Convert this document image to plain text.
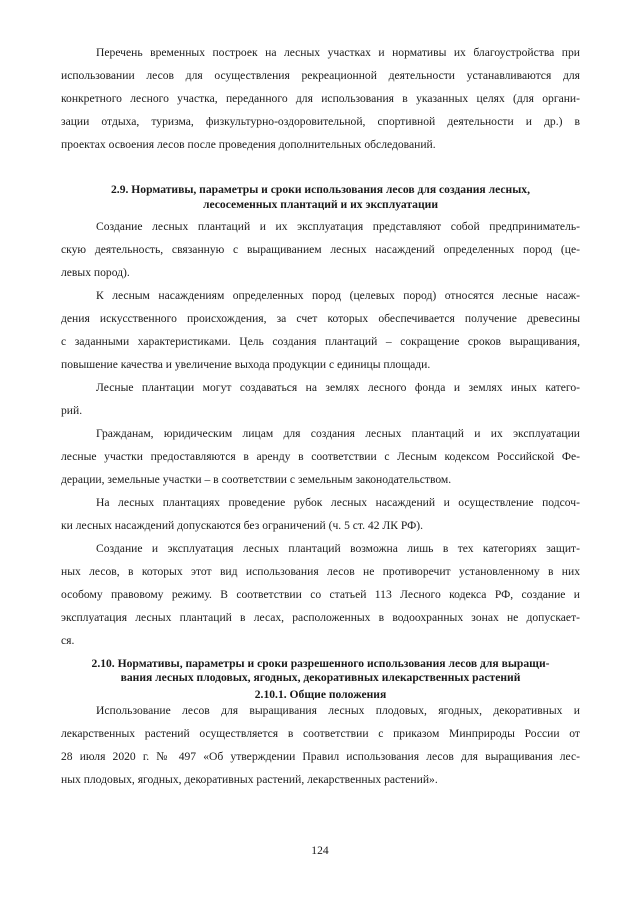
Перечень временных построек на лесных участках и нормативы их благоустройства при
использовании лесов для осуществления рекреационной деятельности устанавливаются для
конкретного лесного участка, переданного для использования в указанных целях (для органи-
зации отдыха, туризма, физкультурно-оздоровительной, спортивной деятельности и др.) в
проектах освоения лесов после проведения дополнительных обследований.
2.9. Нормативы, параметры и сроки использования лесов для создания лесных,
лесосеменных плантаций и их эксплуатации
Создание лесных плантаций и их эксплуатация представляют собой предприниматель-
скую деятельность, связанную с выращиванием лесных насаждений определенных пород (це-
левых пород).
К лесным насаждениям определенных пород (целевых пород) относятся лесные насаж-
дения искусственного происхождения, за счет которых обеспечивается получение древесины
с заданными характеристиками. Цель создания плантаций – сокращение сроков выращивания,
повышение качества и увеличение выхода продукции с единицы площади.
Лесные плантации могут создаваться на землях лесного фонда и землях иных катего-
рий.
Гражданам, юридическим лицам для создания лесных плантаций и их эксплуатации
лесные участки предоставляются в аренду в соответствии с Лесным кодексом Российской Фе-
дерации, земельные участки – в соответствии с земельным законодательством.
На лесных плантациях проведение рубок лесных насаждений и осуществление подсоч-
ки лесных насаждений допускаются без ограничений (ч. 5 ст. 42 ЛК РФ).
Создание и эксплуатация лесных плантаций возможна лишь в тех категориях защит-
ных лесов, в которых этот вид использования лесов не противоречит установленному в них
особому правовому режиму. В соответствии со статьей 113 Лесного кодекса РФ, создание и
эксплуатация лесных плантаций в лесах, расположенных в водоохранных зонах не допускает-
ся.
2.10. Нормативы, параметры и сроки разрешенного использования лесов для выращи-
вания лесных плодовых, ягодных, декоративных илекарственных растений
2.10.1. Общие положения
Использование лесов для выращивания лесных плодовых, ягодных, декоративных и
лекарственных растений осуществляется в соответствии с приказом Минприроды России от
28 июля 2020 г. № 497 «Об утверждении Правил использования лесов для выращивания лес-
ных плодовых, ягодных, декоративных растений, лекарственных растений».
124
